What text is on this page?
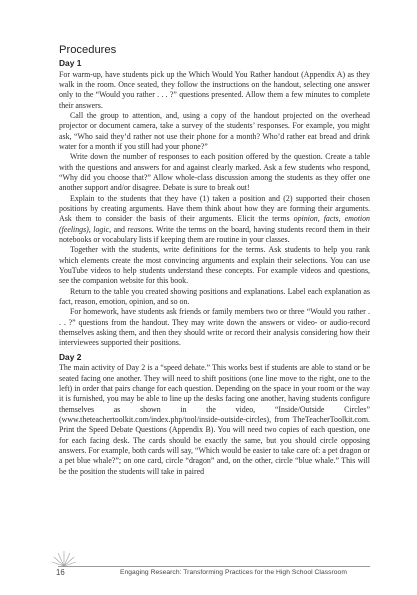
Procedures
Day 1

For warm-up, have students pick up the Which Would You Rather handout (Appendix A) as they walk in the room. Once seated, they follow the instructions on the handout, selecting one answer only to the “Would you rather . . . ?” questions presented. Allow them a few minutes to complete their answers.

Call the group to attention, and, using a copy of the handout projected on the overhead projector or document camera, take a survey of the students’ responses. For example, you might ask, “Who said they’d rather not use their phone for a month? Who’d rather eat bread and drink water for a month if you still had your phone?”

Write down the number of responses to each position offered by the question. Create a table with the questions and answers for and against clearly marked. Ask a few students who respond, “Why did you choose that?” Allow whole-class discussion among the students as they offer one another support and/or disagree. Debate is sure to break out!

Explain to the students that they have (1) taken a position and (2) supported their chosen positions by creating arguments. Have them think about how they are forming their arguments. Ask them to consider the basis of their arguments. Elicit the terms opinion, facts, emotion (feelings), logic, and reasons. Write the terms on the board, having students record them in their notebooks or vocabulary lists if keeping them are routine in your classes.

Together with the students, write definitions for the terms. Ask students to help you rank which elements create the most convincing arguments and explain their selections. You can use YouTube videos to help students understand these concepts. For example videos and questions, see the companion website for this book.

Return to the table you created showing positions and explanations. Label each explanation as fact, reason, emotion, opinion, and so on.

For homework, have students ask friends or family members two or three “Would you rather . . . ?” questions from the handout. They may write down the answers or video- or audio-record themselves asking them, and then they should write or record their analysis considering how their interviewees supported their positions.

Day 2

The main activity of Day 2 is a “speed debate.” This works best if students are able to stand or be seated facing one another. They will need to shift positions (one line move to the right, one to the left) in order that pairs change for each question. Depending on the space in your room or the way it is furnished, you may be able to line up the desks facing one another, having students configure themselves as shown in the video, “Inside/Outside Circles” (www.theteachertoolkit.com/index.php/tool/inside-outside-circles), from TheTeacherToolkit.com. Print the Speed Debate Questions (Appendix B). You will need two copies of each question, one for each facing desk. The cards should be exactly the same, but you should circle opposing answers. For example, both cards will say, “Which would be easier to take care of: a pet dragon or a pet blue whale?”; on one card, circle “dragon” and, on the other, circle “blue whale.” This will be the position the students will take in paired

16	Engaging Research: Transforming Practices for the High School Classroom
